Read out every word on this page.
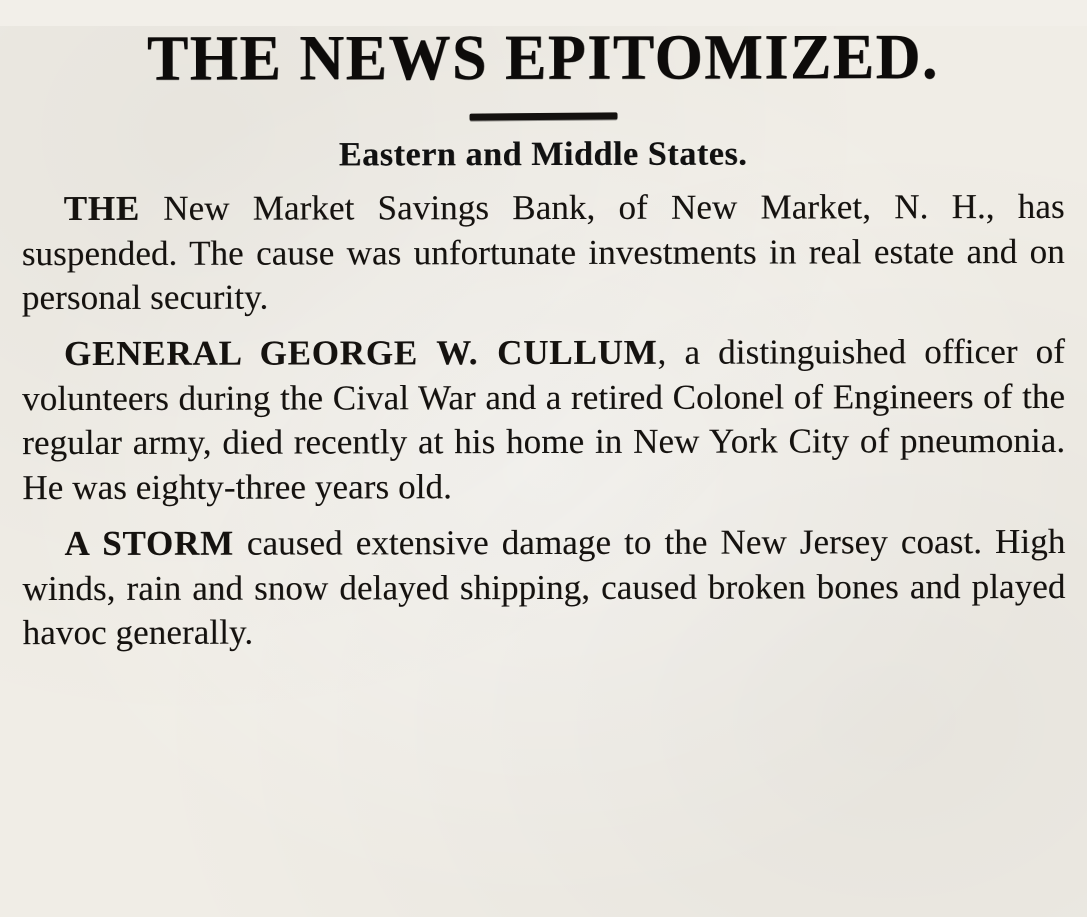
THE NEWS EPITOMIZED.
Eastern and Middle States.

THE New Market Savings Bank, of New Market, N. H., has suspended. The cause was unfortunate investments in real estate and on personal security.

GENERAL GEORGE W. CULLUM, a distinguished officer of volunteers during the Cival War and a retired Colonel of Engineers of the regular army, died recently at his home in New York City of pneumonia. He was eighty-three years old.

A STORM caused extensive damage to the New Jersey coast. High winds, rain and snow delayed shipping, caused broken bones and played havoc generally.
